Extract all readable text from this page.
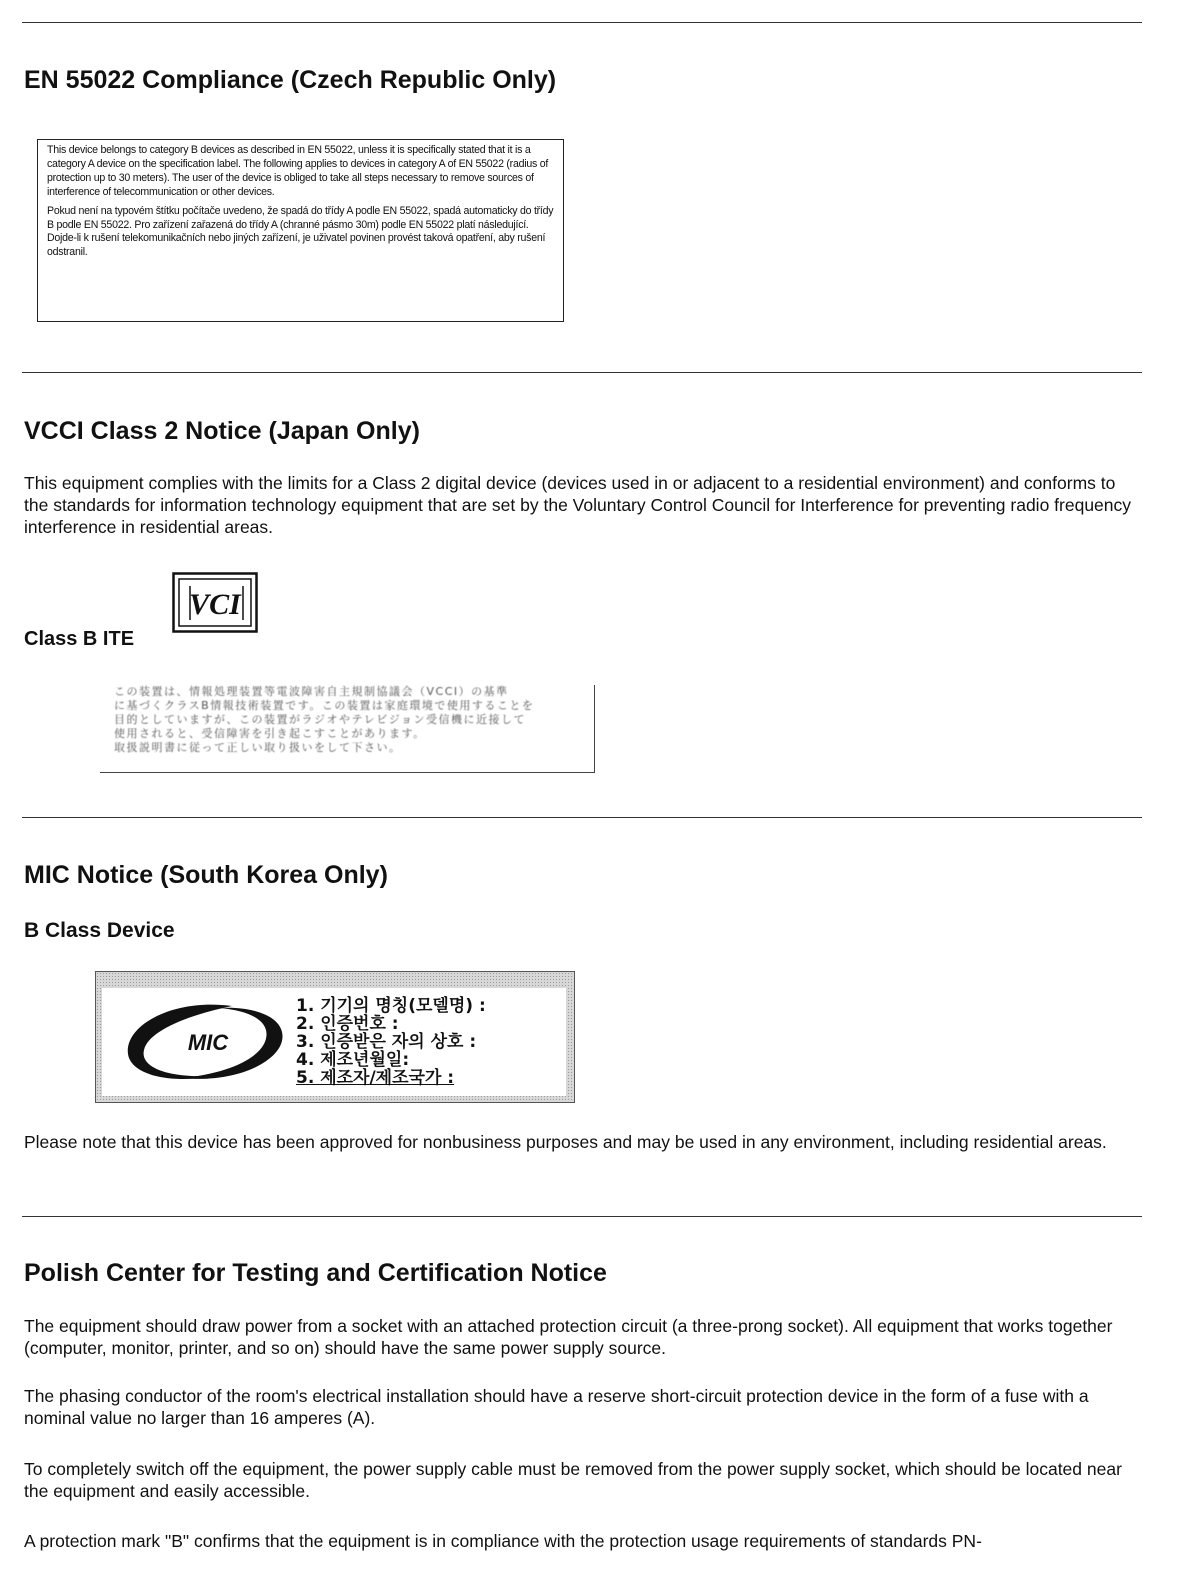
EN 55022 Compliance (Czech Republic Only)

This device belongs to category B devices as described in EN 55022, unless it is specifically stated that it is a category A device on the specification label. The following applies to devices in category A of EN 55022 (radius of protection up to 30 meters). The user of the device is obliged to take all steps necessary to remove sources of interference of telecommunication or other devices.

Pokud není na typovém štítku počítače uvedeno, že spadá do třídy A podle EN 55022, spadá automaticky do třídy B podle EN 55022. Pro zařízení zařazená do třídy A (chranné pásmo 30m) podle EN 55022 platí následující. Dojde-li k rušení telekomunikačních nebo jiných zařízení, je uživatel povinen provést taková opatření, aby rušení odstranil.

VCCI Class 2 Notice (Japan Only)

This equipment complies with the limits for a Class 2 digital device (devices used in or adjacent to a residential environment) and conforms to the standards for information technology equipment that are set by the Voluntary Control Council for Interference for preventing radio frequency interference in residential areas.

VCI
Class B ITE
この装置は、情報処理装置等電波障害自主規制協議会（VCCI）の基準
に基づくクラスB情報技術装置です。この装置は家庭環境で使用することを
目的としていますが、この装置がラジオやテレビジョン受信機に近接して
使用されると、受信障害を引き起こすことがあります。
取扱説明書に従って正しい取り扱いをして下さい。
MIC Notice (South Korea Only)
B Class Device
MIC
1. 기기의 명칭(모델명) :
2. 인증번호 :
3. 인증받은 자의 상호 :
4. 제조년월일:
5. 제조자/제조국가 :

Please note that this device has been approved for nonbusiness purposes and may be used in any environment, including residential areas.

Polish Center for Testing and Certification Notice

The equipment should draw power from a socket with an attached protection circuit (a three-prong socket). All equipment that works together (computer, monitor, printer, and so on) should have the same power supply source.

The phasing conductor of the room's electrical installation should have a reserve short-circuit protection device in the form of a fuse with a nominal value no larger than 16 amperes (A).

To completely switch off the equipment, the power supply cable must be removed from the power supply socket, which should be located near the equipment and easily accessible.

A protection mark "B" confirms that the equipment is in compliance with the protection usage requirements of standards PN-
